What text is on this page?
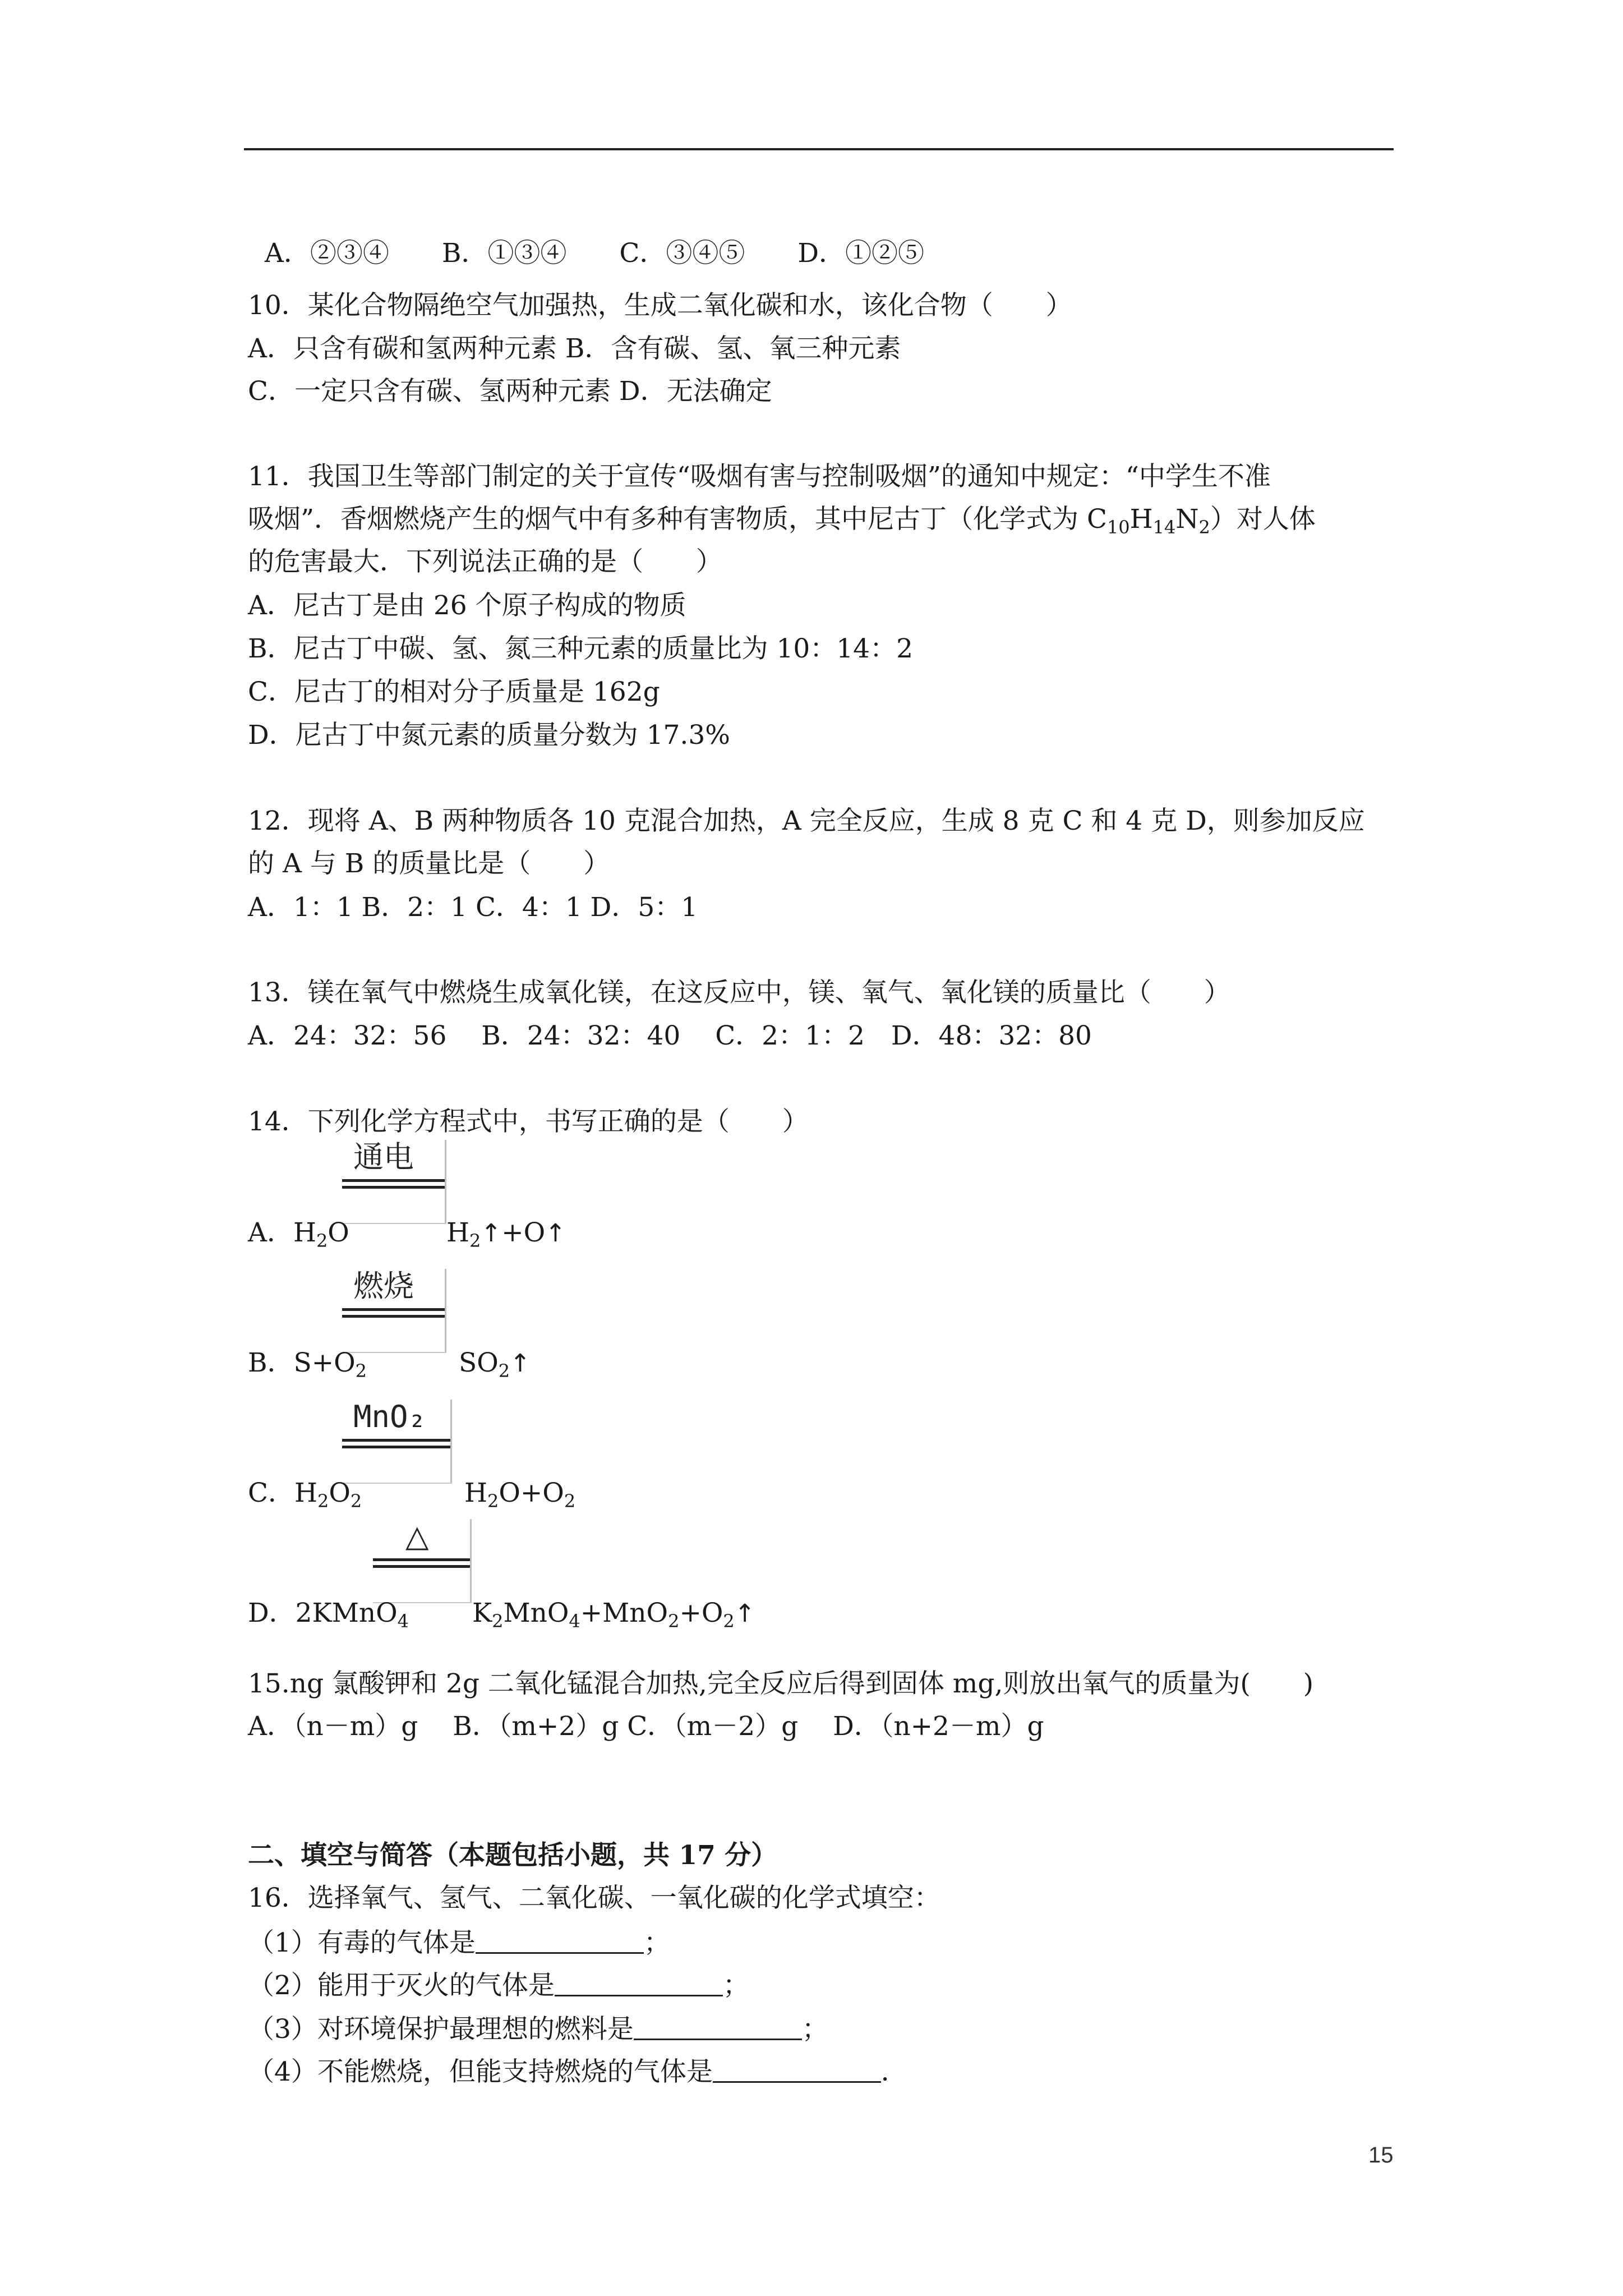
A．②③④　　 B．①③④　　 C．③④⑤　　 D．①②⑤

10．某化合物隔绝空气加强热，生成二氧化碳和水，该化合物（　　）
A．只含有碳和氢两种元素 B．含有碳、氢、氧三种元素
C．一定只含有碳、氢两种元素 D．无法确定
11．我国卫生等部门制定的关于宣传“吸烟有害与控制吸烟”的通知中规定：“中学生不准
吸烟”．香烟燃烧产生的烟气中有多种有害物质，其中尼古丁（化学式为 $C_{10}H_{14}N_2$）对人体
的危害最大．下列说法正确的是（　　）
A．尼古丁是由 26 个原子构成的物质
B．尼古丁中碳、氢、氮三种元素的质量比为 10：14：2
C．尼古丁的相对分子质量是 162g
D．尼古丁中氮元素的质量分数为 17.3%
12．现将 A、B 两种物质各 10 克混合加热，A 完全反应，生成 8 克 C 和 4 克 D，则参加反应
的 A 与 B 的质量比是（　　）
A．1：1 B．2：1 C．4：1 D．5：1
13．镁在氧气中燃烧生成氧化镁，在这反应中，镁、氧气、氧化镁的质量比（　　）
A．24：32：56　 B．24：32：40　 C．2：1：2　D．48：32：80
14．下列化学方程式中，书写正确的是（　　）
通电
A．$H_2O$	$H_2↑+O↑$
燃烧
B．$S+O_2$	$SO_2↑$
MnO₂
C．$H_2O_2$	$H_2O+O_2$
△
D．2KMnO$_4$ $K_2MnO_4+MnO_2+O_2↑$
15.ng 氯酸钾和 2g 二氧化锰混合加热,完全反应后得到固体 mg,则放出氧气的质量为(　　)
A．（n－m）g　 B．（m+2）g C．（m－2）g　 D．（n+2－m）g
二、填空与简答（本题包括小题，共 17 分）
16．选择氧气、氢气、二氧化碳、一氧化碳的化学式填空：
（1）有毒的气体是	；
（2）能用于灭火的气体是	；
（3）对环境保护最理想的燃料是	；
（4）不能燃烧，但能支持燃烧的气体是	．
15
